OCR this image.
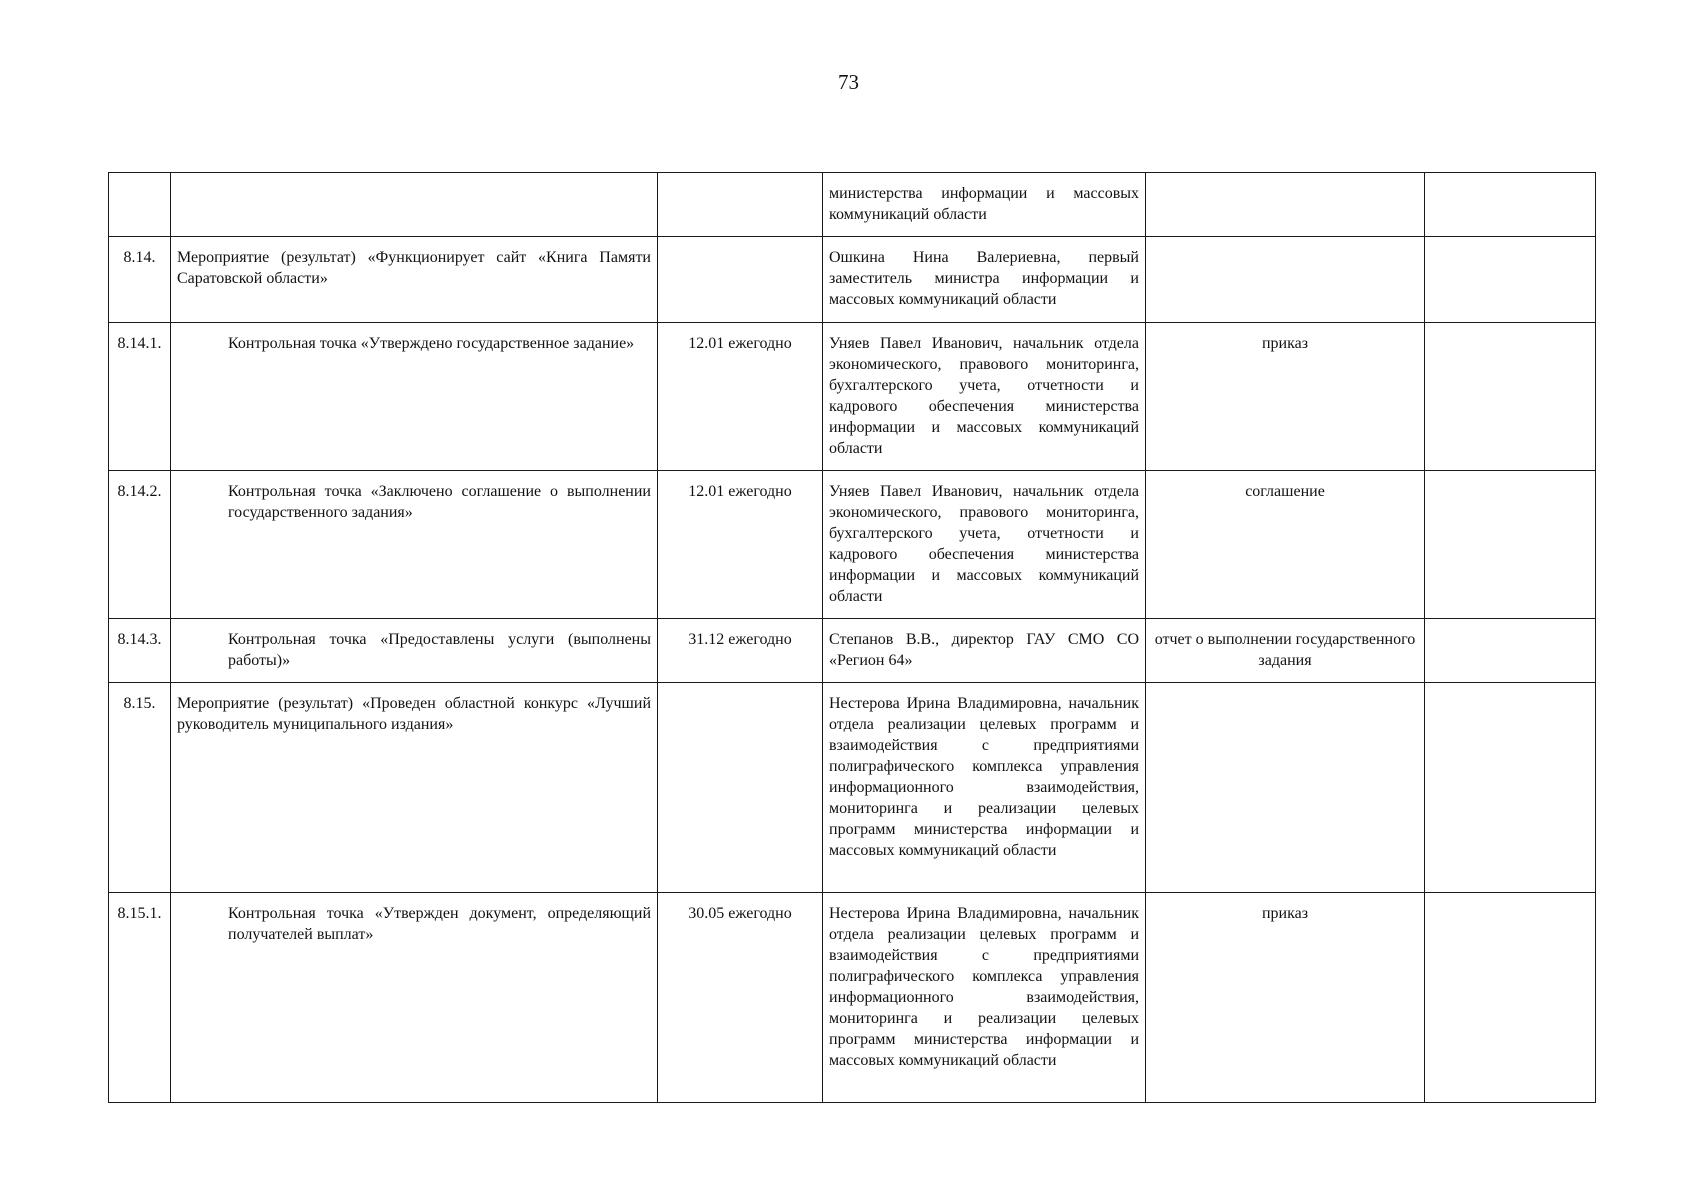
73
			министерства информации и массовых коммуникаций области		
8.14.	Мероприятие (результат) «Функционирует сайт «Книга Памяти Саратовской области»		Ошкина Нина Валериевна, первый заместитель министра информации и массовых коммуникаций области		
8.14.1.	Контрольная точка «Утверждено государственное задание»	12.01 ежегодно	Уняев Павел Иванович, начальник отдела экономического, правового мониторинга, бухгалтерского учета, отчетности и кадрового обеспечения министерства информации и массовых коммуникаций области	приказ	
8.14.2.	Контрольная точка «Заключено соглашение о выполнении государственного задания»	12.01 ежегодно	Уняев Павел Иванович, начальник отдела экономического, правового мониторинга, бухгалтерского учета, отчетности и кадрового обеспечения министерства информации и массовых коммуникаций области	соглашение	
8.14.3.	Контрольная точка «Предоставлены услуги (выполнены работы)»	31.12 ежегодно	Степанов В.В., директор ГАУ СМО СО «Регион 64»	отчет о выполнении государственного задания	
8.15.	Мероприятие (результат) «Проведен областной конкурс «Лучший руководитель муниципального издания»		Нестерова Ирина Владимировна, начальник отдела реализации целевых программ и взаимодействия с предприятиями полиграфического комплекса управления информационного взаимодействия, мониторинга и реализации целевых программ министерства информации и массовых коммуникаций области		
8.15.1.	Контрольная точка «Утвержден документ, определяющий получателей выплат»	30.05 ежегодно	Нестерова Ирина Владимировна, начальник отдела реализации целевых программ и взаимодействия с предприятиями полиграфического комплекса управления информационного взаимодействия, мониторинга и реализации целевых программ министерства информации и массовых коммуникаций области	приказ	
